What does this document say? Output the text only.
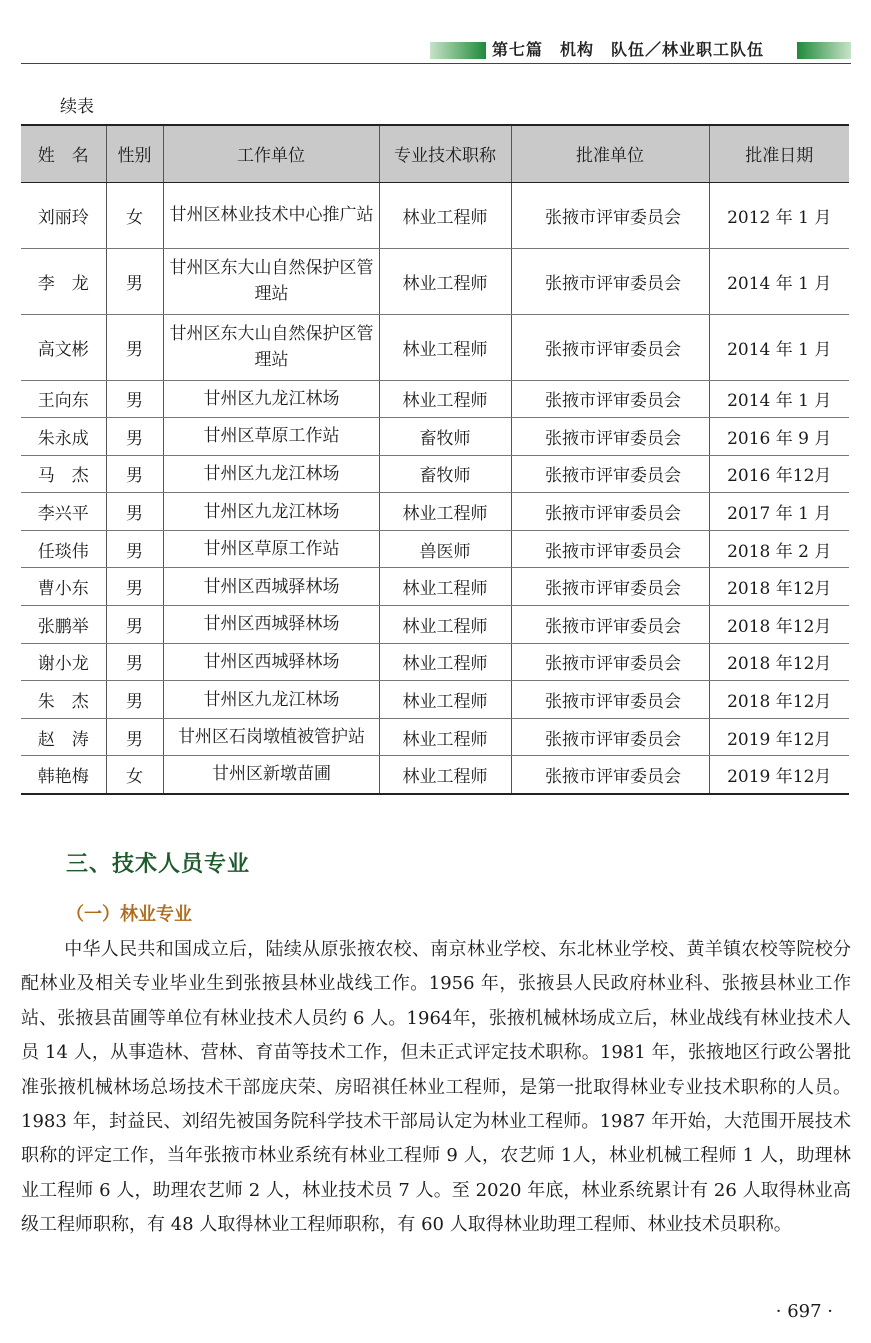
第七篇　机构　队伍／林业职工队伍
续表
姓　名	性别	工作单位	专业技术职称	批准单位	批准日期
刘丽玲	女	甘州区林业技术中心推广站	林业工程师	张掖市评审委员会	2012 年 1 月
李　龙	男	甘州区东大山自然保护区管理站	林业工程师	张掖市评审委员会	2014 年 1 月
高文彬	男	甘州区东大山自然保护区管理站	林业工程师	张掖市评审委员会	2014 年 1 月
王向东	男	甘州区九龙江林场	林业工程师	张掖市评审委员会	2014 年 1 月
朱永成	男	甘州区草原工作站	畜牧师	张掖市评审委员会	2016 年 9 月
马　杰	男	甘州区九龙江林场	畜牧师	张掖市评审委员会	2016 年12月
李兴平	男	甘州区九龙江林场	林业工程师	张掖市评审委员会	2017 年 1 月
任琰伟	男	甘州区草原工作站	兽医师	张掖市评审委员会	2018 年 2 月
曹小东	男	甘州区西城驿林场	林业工程师	张掖市评审委员会	2018 年12月
张鹏举	男	甘州区西城驿林场	林业工程师	张掖市评审委员会	2018 年12月
谢小龙	男	甘州区西城驿林场	林业工程师	张掖市评审委员会	2018 年12月
朱　杰	男	甘州区九龙江林场	林业工程师	张掖市评审委员会	2018 年12月
赵　涛	男	甘州区石岗墩植被管护站	林业工程师	张掖市评审委员会	2019 年12月
韩艳梅	女	甘州区新墩苗圃	林业工程师	张掖市评审委员会	2019 年12月
三、技术人员专业
（一）林业专业

中华人民共和国成立后，陆续从原张掖农校、南京林业学校、东北林业学校、黄羊镇农校等院校分配林业及相关专业毕业生到张掖县林业战线工作。1956 年，张掖县人民政府林业科、张掖县林业工作站、张掖县苗圃等单位有林业技术人员约 6 人。1964年，张掖机械林场成立后，林业战线有林业技术人员 14 人，从事造林、营林、育苗等技术工作，但未正式评定技术职称。1981 年，张掖地区行政公署批准张掖机械林场总场技术干部庞庆荣、房昭祺任林业工程师，是第一批取得林业专业技术职称的人员。1983 年，封益民、刘绍先被国务院科学技术干部局认定为林业工程师。1987 年开始，大范围开展技术职称的评定工作，当年张掖市林业系统有林业工程师 9 人，农艺师 1人，林业机械工程师 1 人，助理林业工程师 6 人，助理农艺师 2 人，林业技术员 7 人。至 2020 年底，林业系统累计有 26 人取得林业高级工程师职称，有 48 人取得林业工程师职称，有 60 人取得林业助理工程师、林业技术员职称。

· 697 ·
